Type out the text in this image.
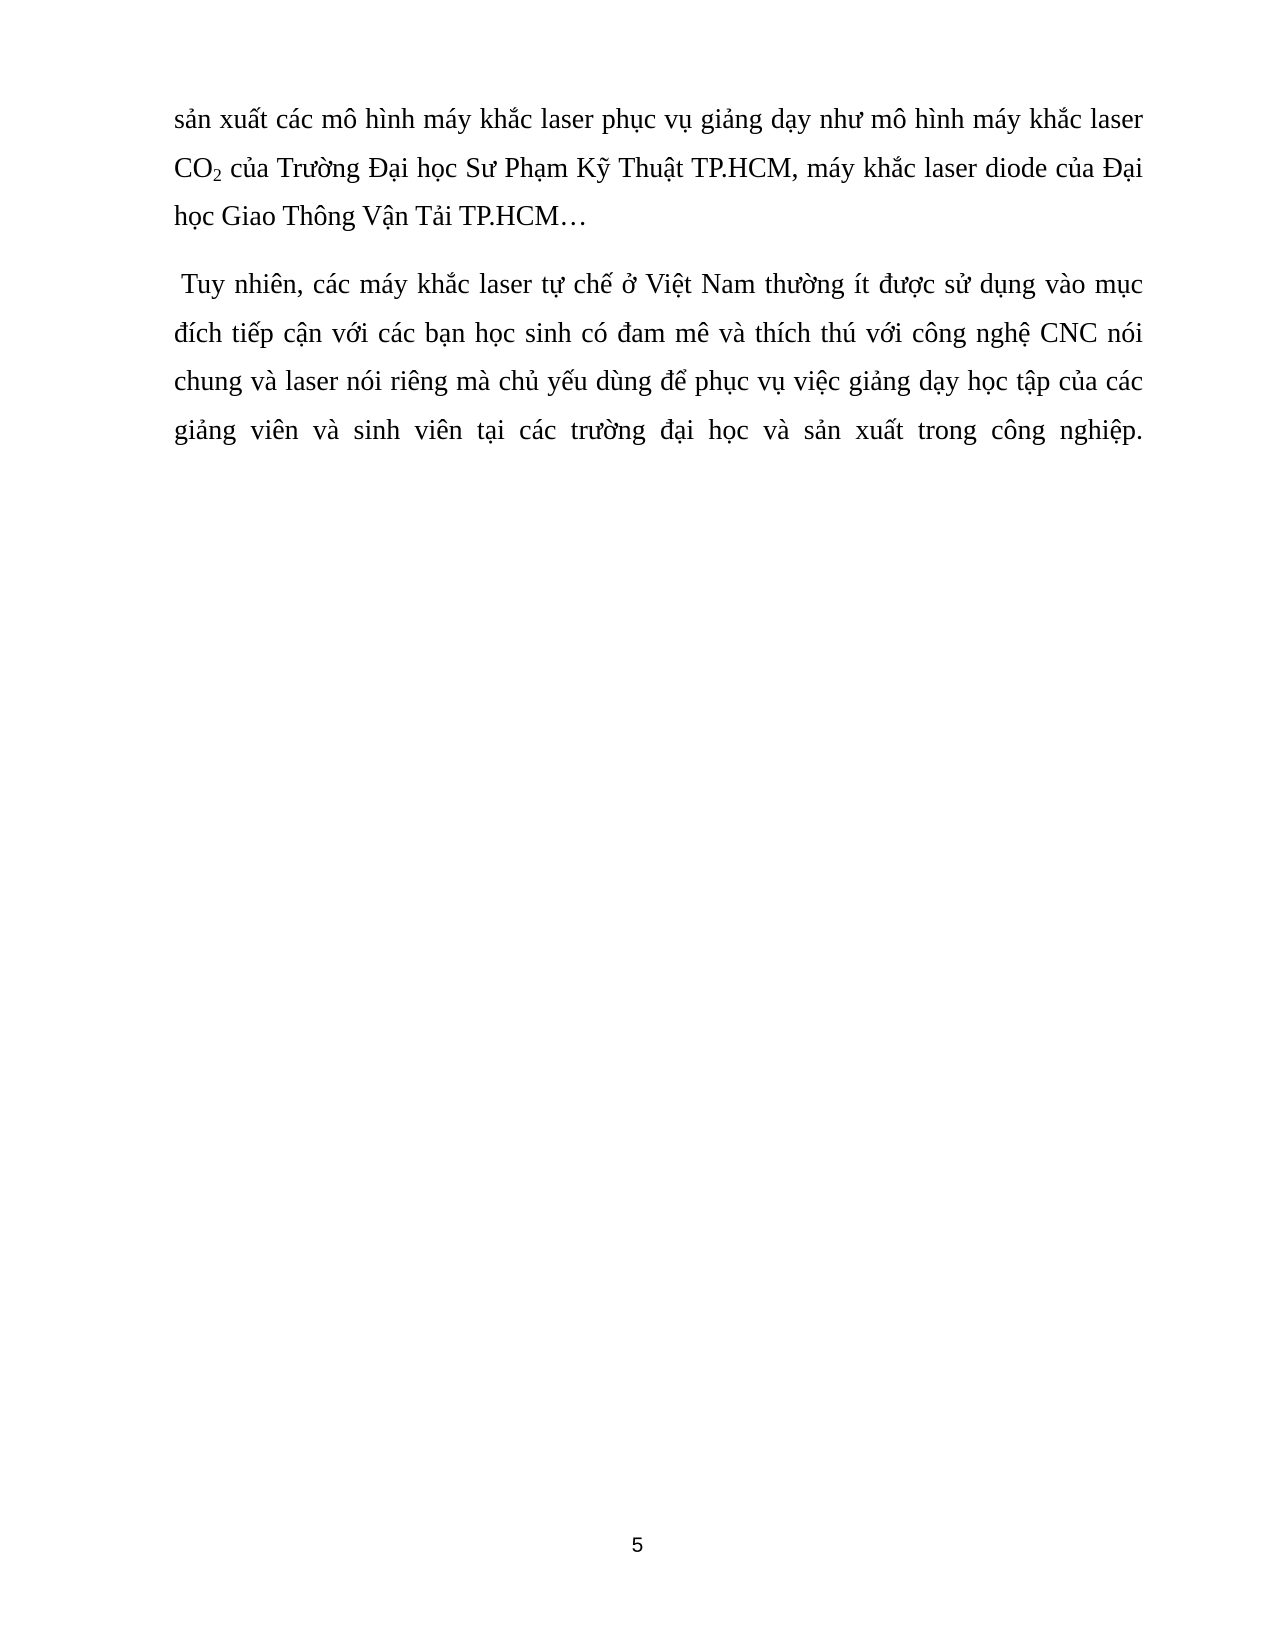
sản xuất các mô hình máy khắc laser phục vụ giảng dạy như mô hình máy khắc laser
$CO_2$ của Trường Đại học Sư Phạm Kỹ Thuật TP.HCM, máy khắc laser diode của Đại
học Giao Thông Vận Tải TP.HCM…
Tuy nhiên, các máy khắc laser tự chế ở Việt Nam thường ít được sử dụng vào mục
đích tiếp cận với các bạn học sinh có đam mê và thích thú với công nghệ CNC nói
chung và laser nói riêng mà chủ yếu dùng để phục vụ việc giảng dạy học tập của các
giảng viên và sinh viên tại các trường đại học và sản xuất trong công nghiệp.
5
